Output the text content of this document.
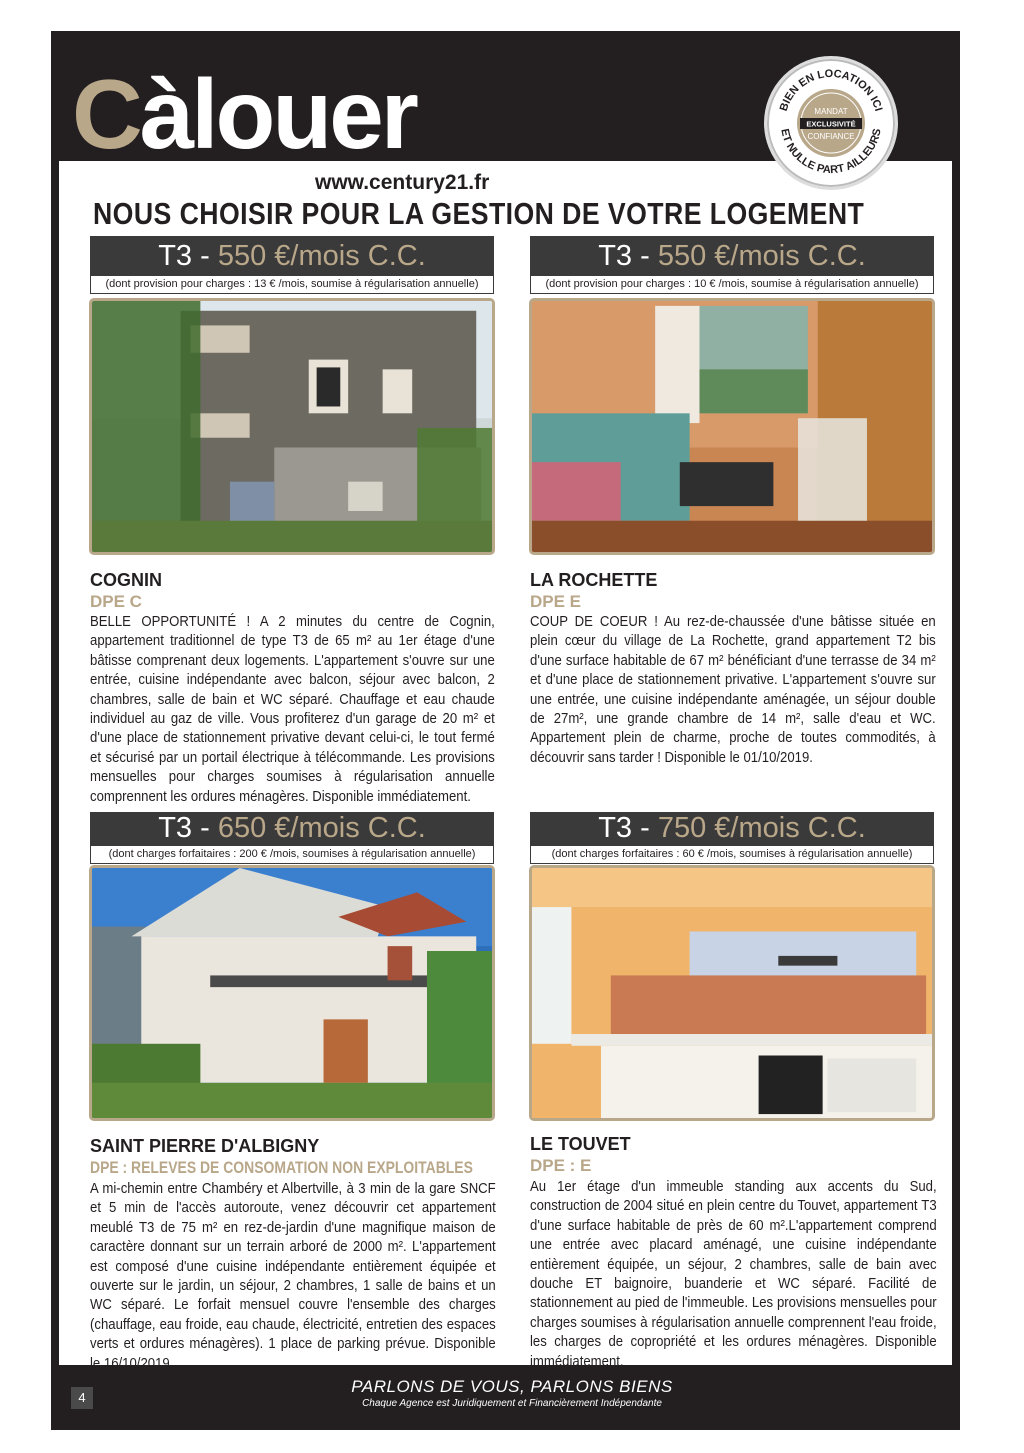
Càlouer	BIEN EN LOCATION ICI
ET NULLE PART AILLEURS
MANDAT
EXCLUSIVITÉ
CONFIANCE
www.century21.fr
NOUS CHOISIR POUR LA GESTION DE VOTRE LOGEMENT
T3 - 550 €/mois C.C.
(dont provision pour charges : 13 € /mois, soumise à régularisation annuelle)
COGNIN
DPE C
BELLE OPPORTUNITÉ ! A 2 minutes du centre de Cognin, appartement traditionnel de type T3 de 65 m² au 1er étage d'une bâtisse comprenant deux logements. L'appartement s'ouvre sur une entrée, cuisine indépendante avec balcon, séjour avec balcon, 2 chambres, salle de bain et WC séparé. Chauffage et eau chaude individuel au gaz de ville. Vous profiterez d'un garage de 20 m² et d'une place de stationnement privative devant celui-ci, le tout fermé et sécurisé par un portail électrique à télécommande. Les provisions mensuelles pour charges soumises à régularisation annuelle comprennent les ordures ménagères. Disponible immédiatement.
T3 - 550 €/mois C.C.
(dont provision pour charges : 10 € /mois, soumise à régularisation annuelle)
LA ROCHETTE
DPE E
COUP DE COEUR ! Au rez-de-chaussée d'une bâtisse située en plein cœur du village de La Rochette, grand appartement T2 bis d'une surface habitable de 67 m² bénéficiant d'une terrasse de 34 m² et d'une place de stationnement privative. L'appartement s'ouvre sur une entrée, une cuisine indépendante aménagée, un séjour double de 27m², une grande chambre de 14 m², salle d'eau et WC. Appartement plein de charme, proche de toutes commodités, à découvrir sans tarder ! Disponible le 01/10/2019.
T3 - 650 €/mois C.C.
(dont charges forfaitaires : 200 € /mois, soumises à régularisation annuelle)
SAINT PIERRE D'ALBIGNY
DPE : RELEVES DE CONSOMATION NON EXPLOITABLES
A mi-chemin entre Chambéry et Albertville, à 3 min de la gare SNCF et 5 min de l'accès autoroute, venez découvrir cet appartement meublé T3 de 75 m² en rez-de-jardin d'une magnifique maison de caractère donnant sur un terrain arboré de 2000 m². L'appartement est composé d'une cuisine indépendante entièrement équipée et ouverte sur le jardin, un séjour, 2 chambres, 1 salle de bains et un WC séparé. Le forfait mensuel couvre l'ensemble des charges (chauffage, eau froide, eau chaude, électricité, entretien des espaces verts et ordures ménagères). 1 place de parking prévue. Disponible le 16/10/2019.
T3 - 750 €/mois C.C.
(dont charges forfaitaires : 60 € /mois, soumises à régularisation annuelle)
LE TOUVET
DPE : E
Au 1er étage d'un immeuble standing aux accents du Sud, construction de 2004 situé en plein centre du Touvet, appartement T3 d'une surface habitable de près de 60 m².L'appartement comprend une entrée avec placard aménagé, une cuisine indépendante entièrement équipée, un séjour, 2 chambres, salle de bain avec douche ET baignoire, buanderie et WC séparé. Facilité de stationnement au pied de l'immeuble. Les provisions mensuelles pour charges soumises à régularisation annuelle comprennent l'eau froide, les charges de copropriété et les ordures ménagères. Disponible immédiatement.
4
PARLONS DE VOUS, PARLONS BIENS
Chaque Agence est Juridiquement et Financièrement Indépendante
